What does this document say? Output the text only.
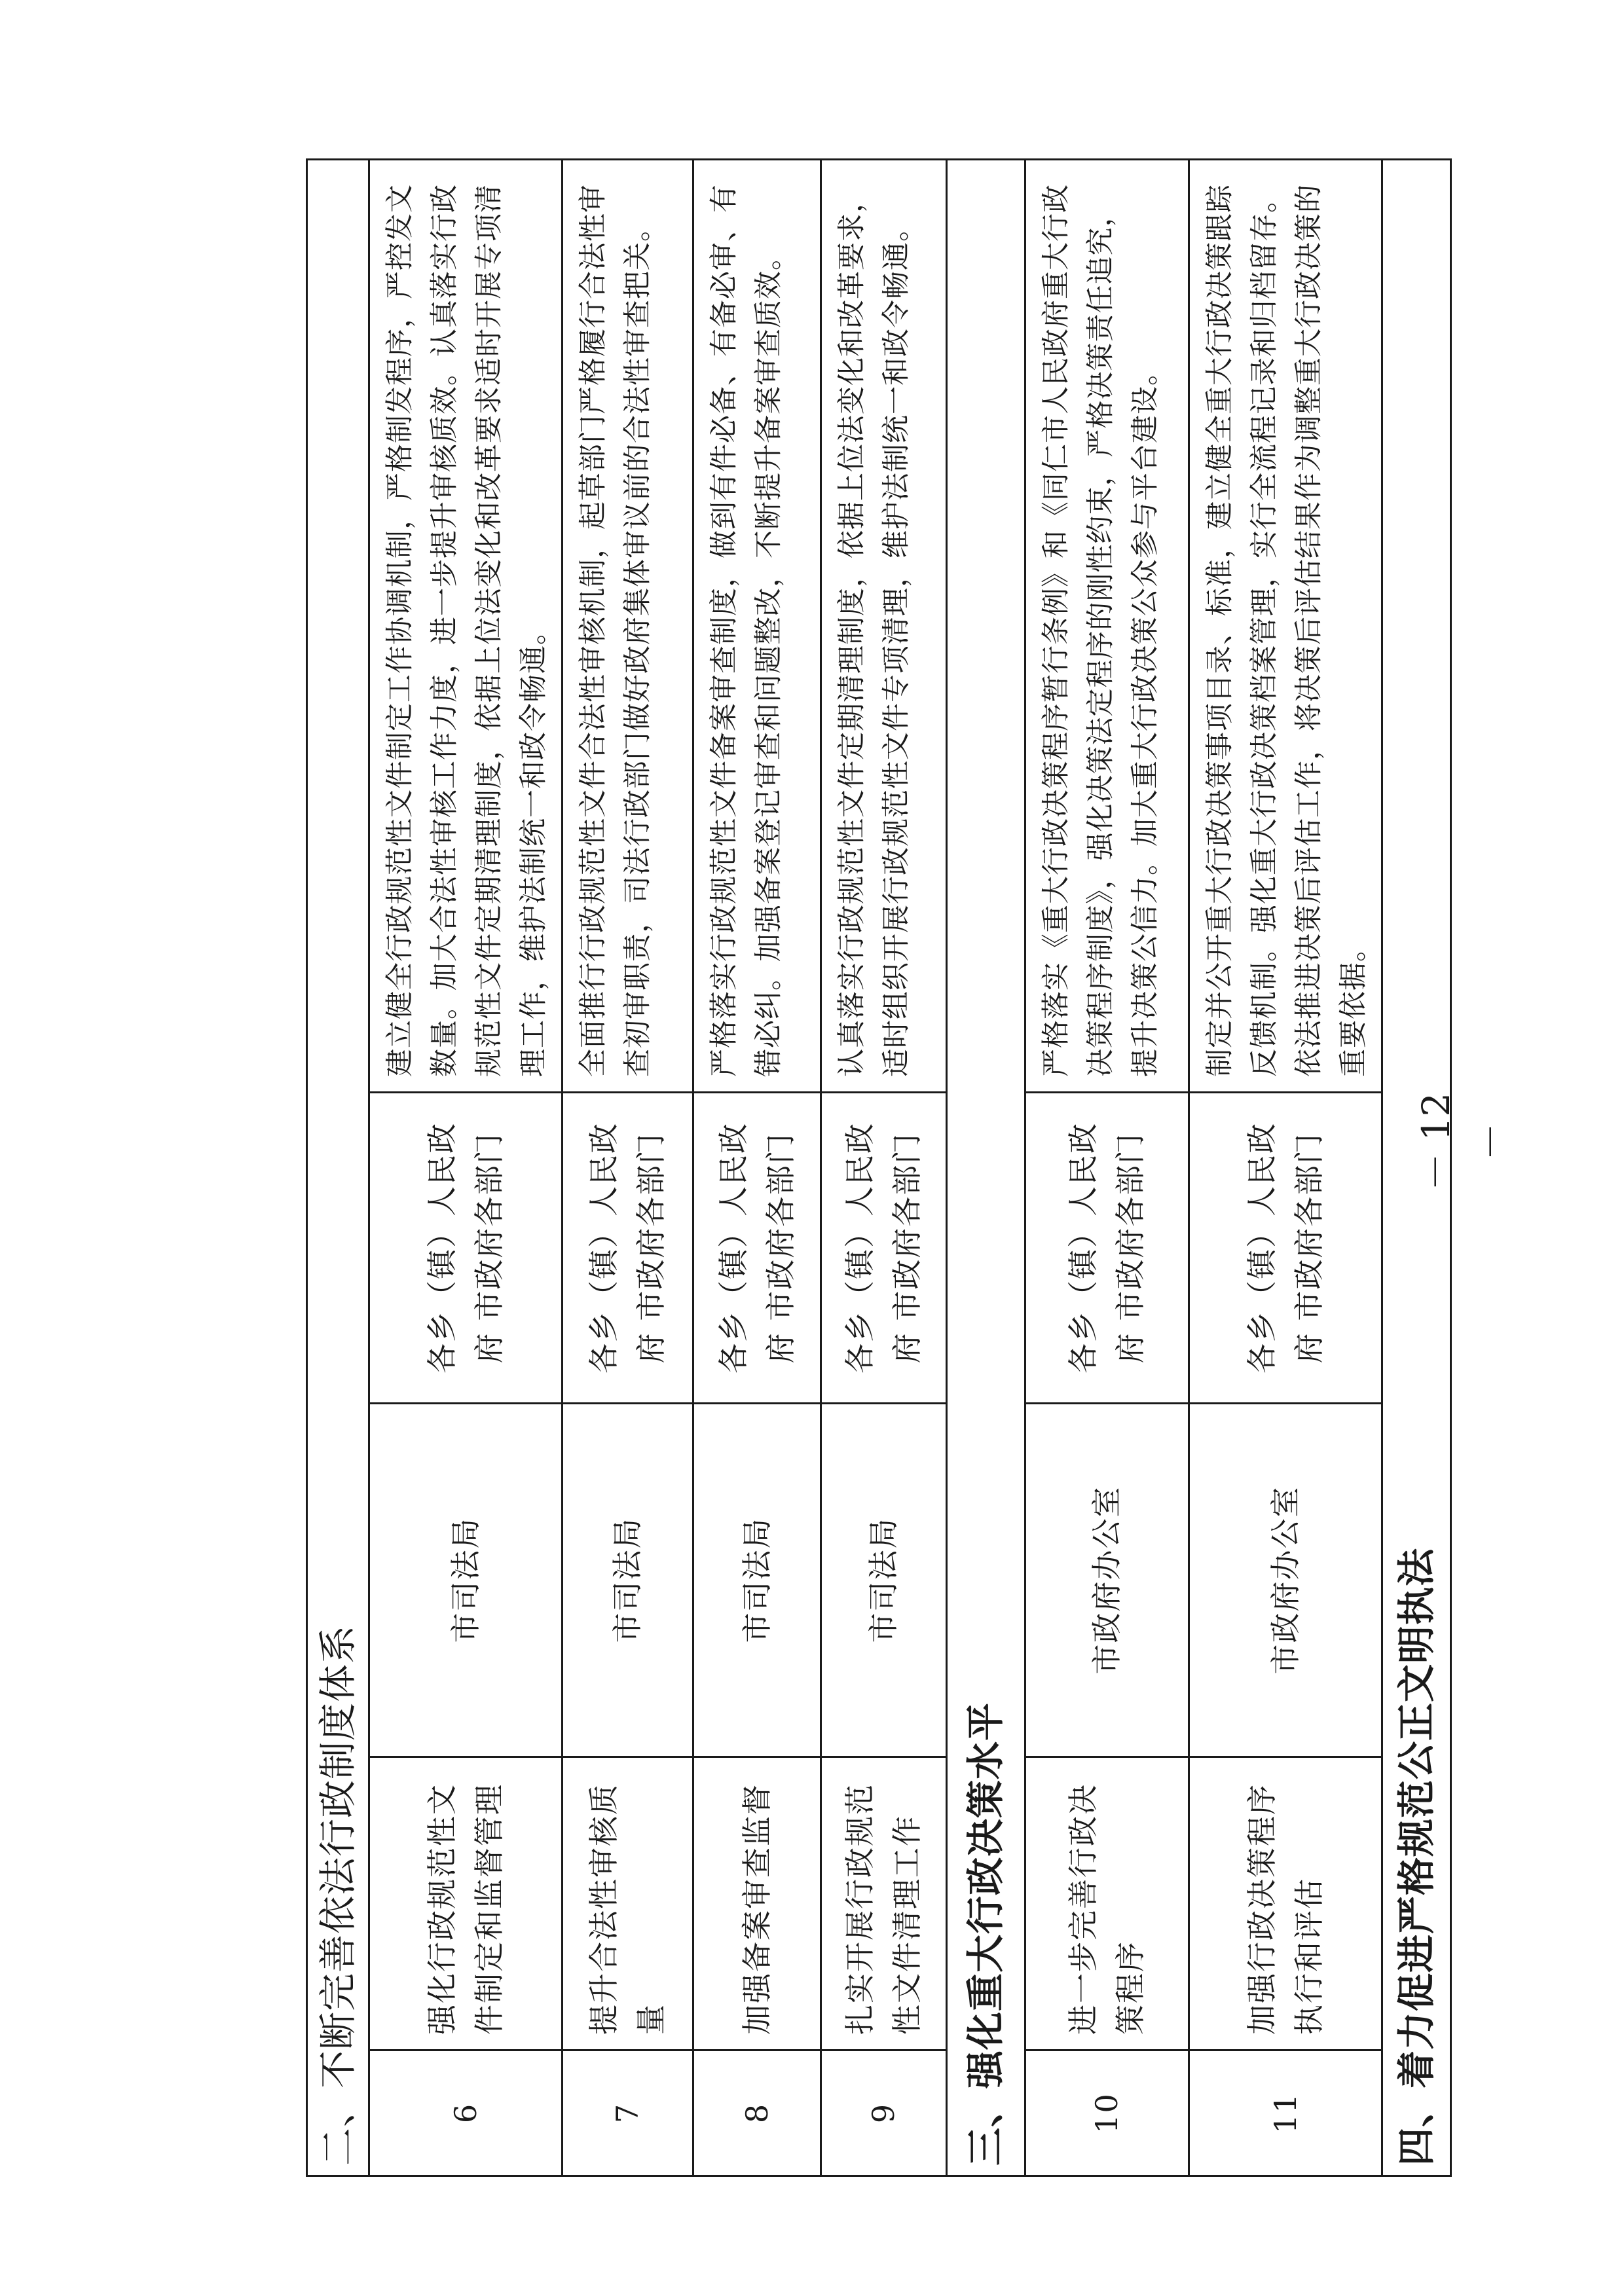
二、不断完善依法行政制度体系				
6	强化行政规范性文件制定和监督管理	市司法局	各乡（镇）人民政府 市政府各部门	建立健全行政规范性文件制定工作协调机制，严格制发程序，严控发文数量。加大合法性审核工作力度，进一步提升审核质效。认真落实行政规范性文件定期清理制度，依据上位法变化和改革要求适时开展专项清理工作，维护法制统一和政令畅通。
7	提升合法性审核质量	市司法局	各乡（镇）人民政府 市政府各部门	全面推行行政规范性文件合法性审核机制，起草部门严格履行合法性审查初审职责，司法行政部门做好政府集体审议前的合法性审查把关。
8	加强备案审查监督	市司法局	各乡（镇）人民政府 市政府各部门	严格落实行政规范性文件备案审查制度，做到有件必备、有备必审、有错必纠。加强备案登记审查和问题整改，不断提升备案审查质效。
9	扎实开展行政规范性文件清理工作	市司法局	各乡（镇）人民政府 市政府各部门	认真落实行政规范性文件定期清理制度，依据上位法变化和改革要求，适时组织开展行政规范性文件专项清理，维护法制统一和政令畅通。
三、强化重大行政决策水平				
10	进一步完善行政决策程序	市政府办公室	各乡（镇）人民政府 市政府各部门	严格落实《重大行政决策程序暂行条例》和《同仁市人民政府重大行政决策程序制度》，强化决策法定程序的刚性约束，严格决策责任追究，提升决策公信力。加大重大行政决策公众参与平台建设。
11	加强行政决策程序执行和评估	市政府办公室	各乡（镇）人民政府 市政府各部门	制定并公开重大行政决策事项目录、标准，建立健全重大行政决策跟踪反馈机制。强化重大行政决策档案管理，实行全流程记录和归档留存。依法推进决策后评估工作，将决策后评估结果作为调整重大行政决策的重要依据。
四、着力促进严格规范公正文明执法				
－ 12 －
